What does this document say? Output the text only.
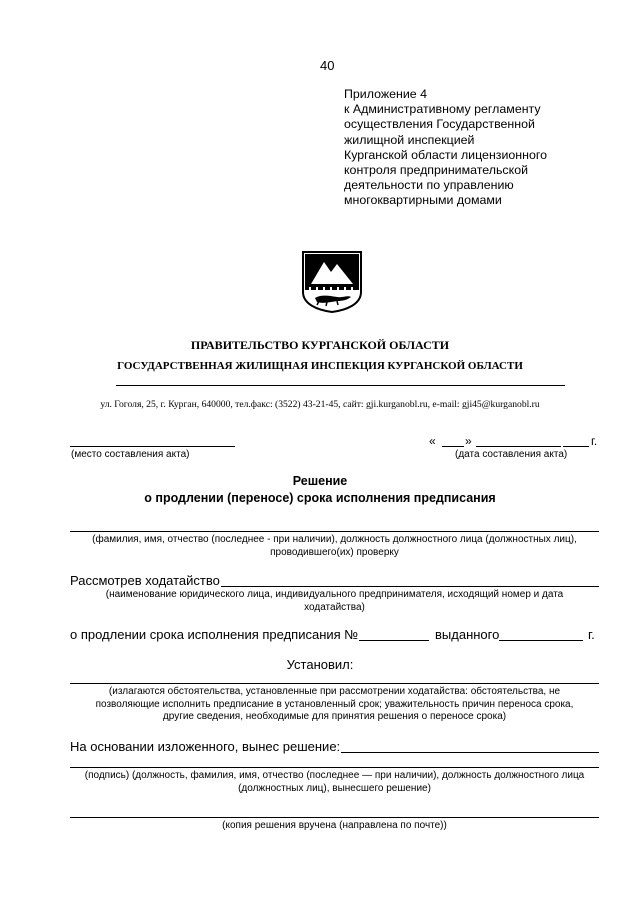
40
Приложение 4
к Административному регламенту
осуществления Государственной
жилищной инспекцией
Курганской области лицензионного
контроля предпринимательской
деятельности по управлению
многоквартирными домами
ПРАВИТЕЛЬСТВО КУРГАНСКОЙ ОБЛАСТИ
ГОСУДАРСТВЕННАЯ ЖИЛИЩНАЯ ИНСПЕКЦИЯ КУРГАНСКОЙ ОБЛАСТИ
ул. Гоголя, 25, г. Курган, 640000, тел.факс: (3522) 43-21-45, сайт: gji.kurganobl.ru, e-mail: gji45@kurganobl.ru
(место составления акта)
« »	г.
(дата составления акта)
Решение
о продлении (переносе) срока исполнения предписания
(фамилия, имя, отчество (последнее - при наличии), должность должностного лица (должностных лиц),
проводившего(их) проверку
Рассмотрев ходатайство
(наименование юридического лица, индивидуального предпринимателя, исходящий номер и дата
ходатайства)
о продлении срока исполнения предписания №	выданного	г.
Установил:
(излагаются обстоятельства, установленные при рассмотрении ходатайства: обстоятельства, не
позволяющие исполнить предписание в установленный срок; уважительность причин переноса срока,
другие сведения, необходимые для принятия решения о переносе срока)
На основании изложенного, вынес решение:
(подпись) (должность, фамилия, имя, отчество (последнее — при наличии), должность должностного лица
(должностных лиц), вынесшего решение)
(копия решения вручена (направлена по почте))
